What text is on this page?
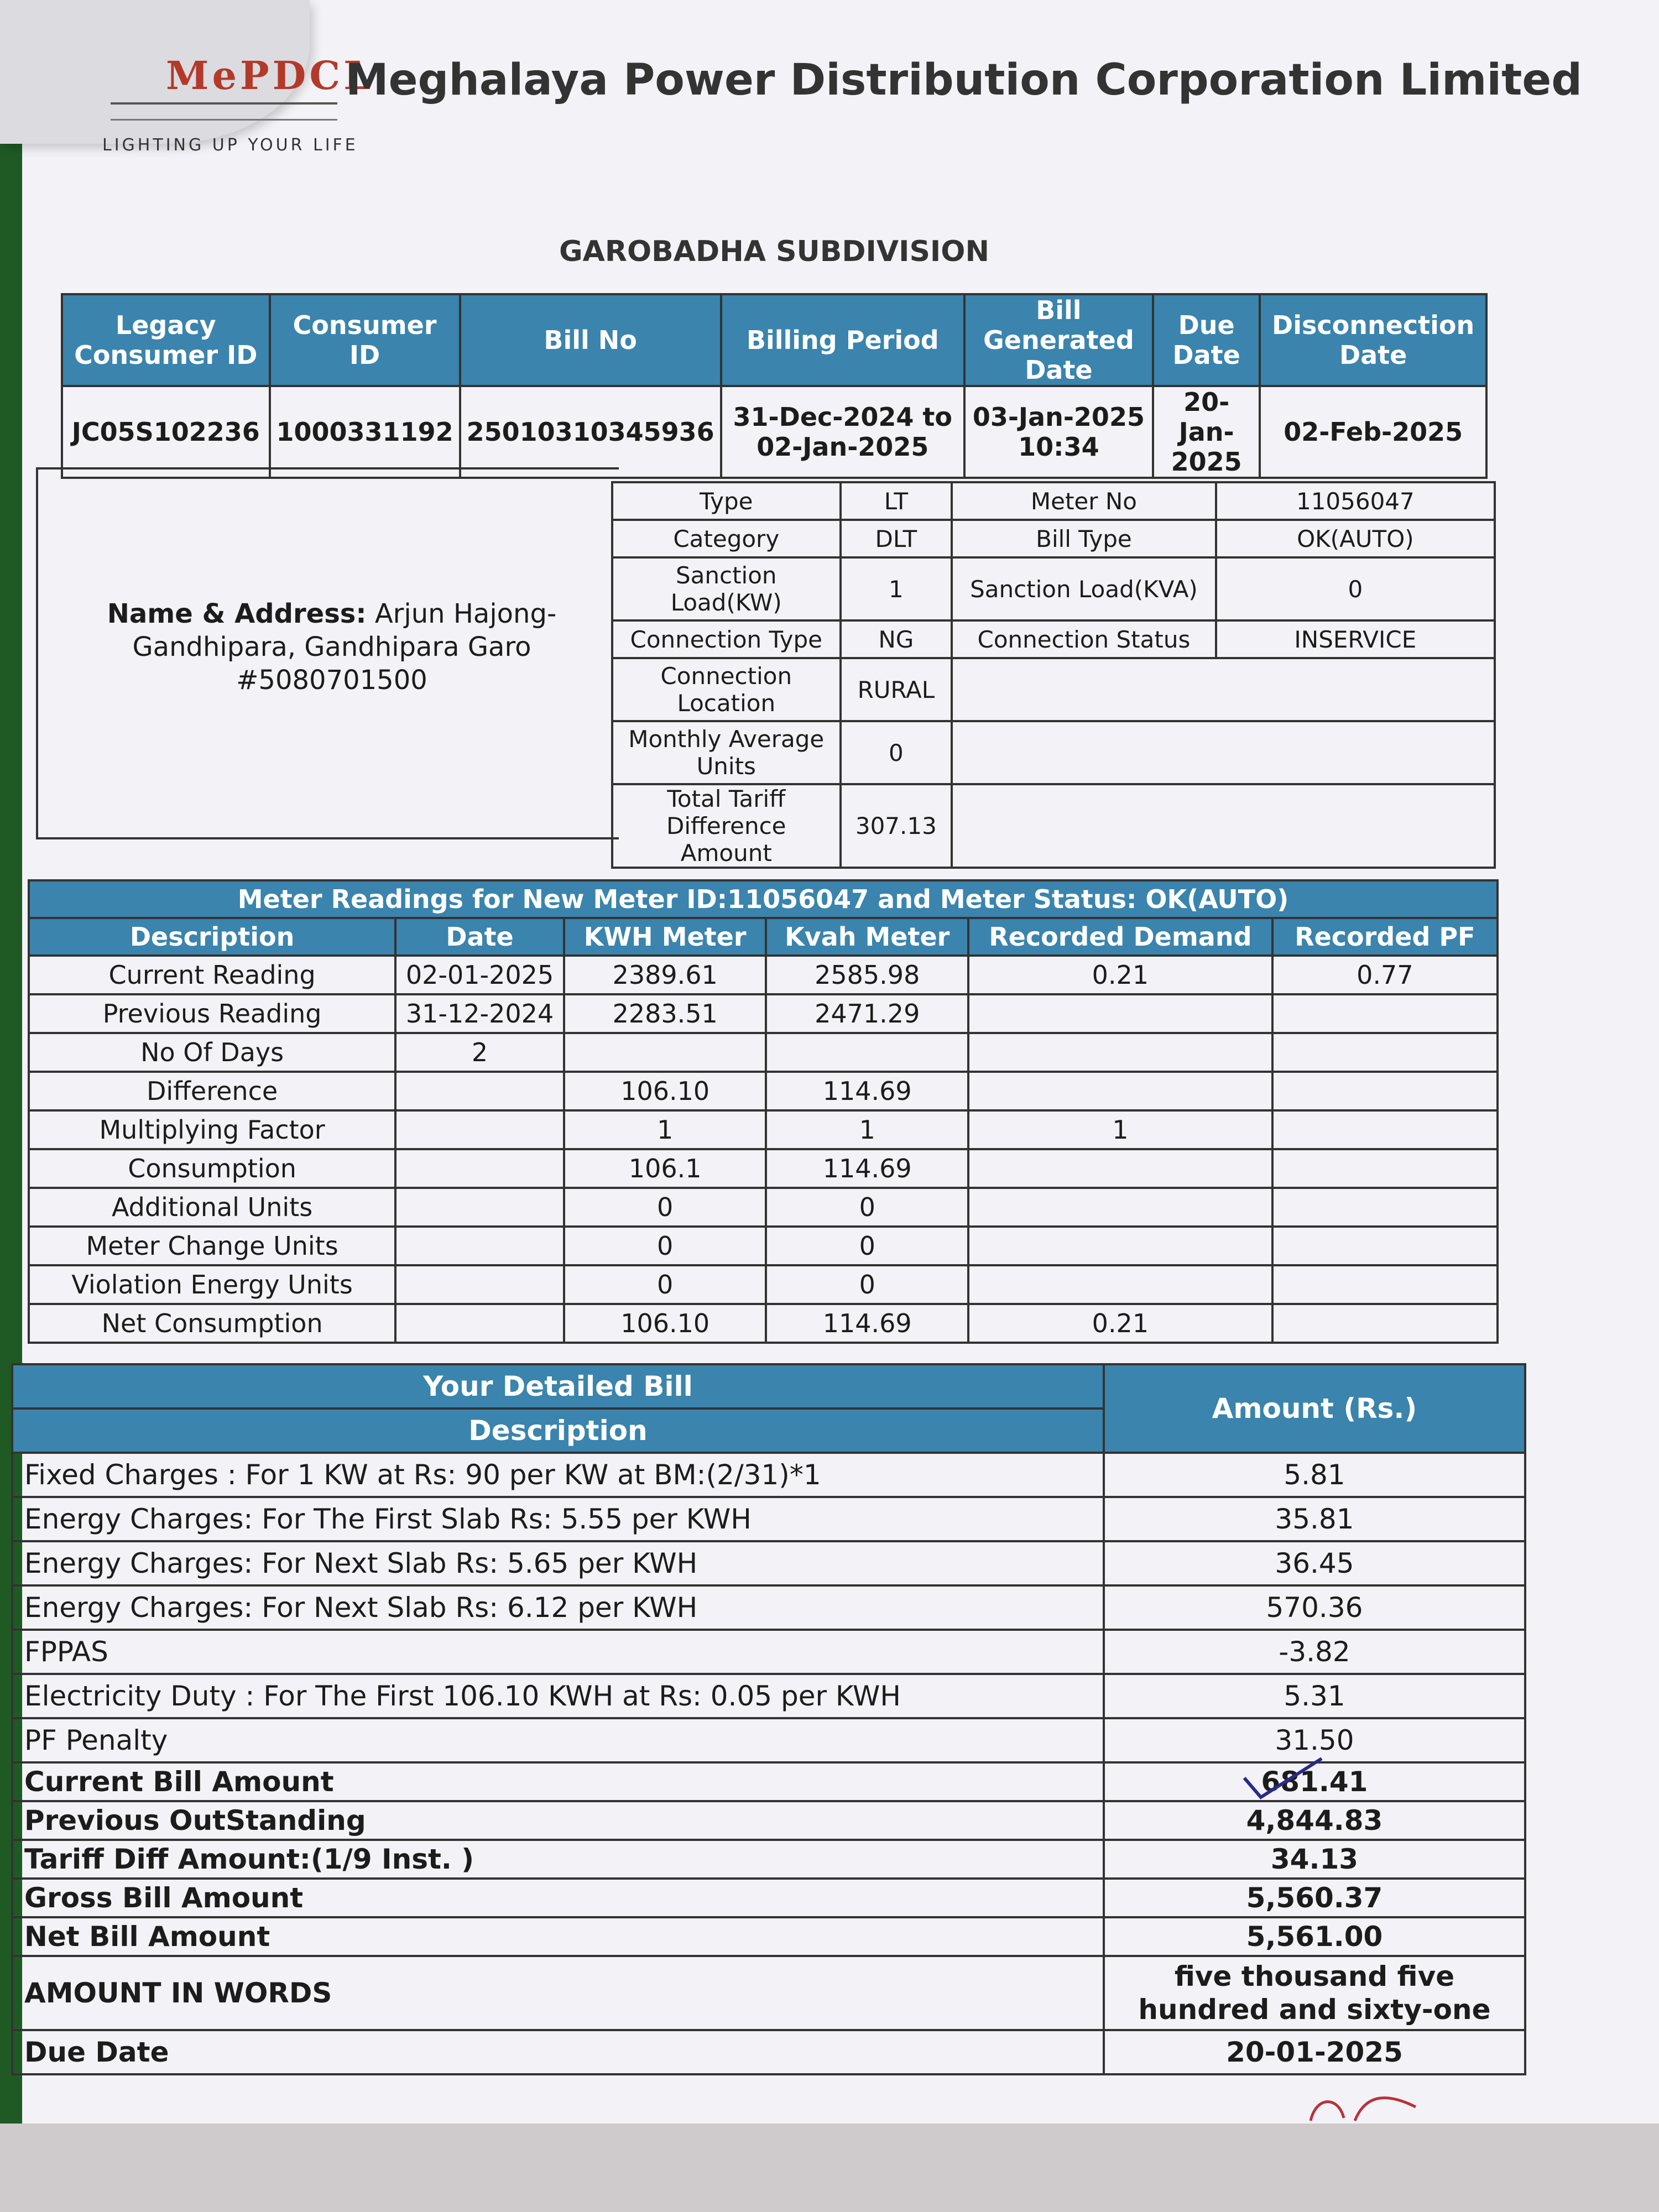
MePDCL
LIGHTING UP YOUR LIFE
Meghalaya Power Distribution Corporation Limited
GAROBADHA SUBDIVISION
Legacy Consumer ID	Consumer ID	Bill No	Billing Period	Bill Generated Date	Due Date	Disconnection Date
JC05S102236	1000331192	25010310345936	31-Dec-2024 to 02-Jan-2025	03-Jan-2025 10:34	20-Jan-2025	02-Feb-2025
Name & Address: Arjun Hajong-
Gandhipara, Gandhipara Garo
#5080701500
Type	LT	Meter No	11056047
Category	DLT	Bill Type	OK(AUTO)
Sanction Load(KW)	1	Sanction Load(KVA)	0
Connection Type	NG	Connection Status	INSERVICE
Connection Location	RURAL		
Monthly Average Units	0		
Total Tariff Difference Amount	307.13		
Meter Readings for New Meter ID:11056047 and Meter Status: OK(AUTO)					
Description	Date	KWH Meter	Kvah Meter	Recorded Demand	Recorded PF
Current Reading	02-01-2025	2389.61	2585.98	0.21	0.77
Previous Reading	31-12-2024	2283.51	2471.29		
No Of Days	2				
Difference		106.10	114.69		
Multiplying Factor		1	1	1	
Consumption		106.1	114.69		
Additional Units		0	0		
Meter Change Units		0	0		
Violation Energy Units		0	0		
Net Consumption		106.10	114.69	0.21	
Your Detailed Bill	Amount (Rs.)
Description	
Fixed Charges : For 1 KW at Rs: 90 per KW at BM:(2/31)*1	5.81
Energy Charges: For The First Slab Rs: 5.55 per KWH	35.81
Energy Charges: For Next Slab Rs: 5.65 per KWH	36.45
Energy Charges: For Next Slab Rs: 6.12 per KWH	570.36
FPPAS	-3.82
Electricity Duty : For The First 106.10 KWH at Rs: 0.05 per KWH	5.31
PF Penalty	31.50
Current Bill Amount	681.41
Previous OutStanding	4,844.83
Tariff Diff Amount:(1/9 Inst. )	34.13
Gross Bill Amount	5,560.37
Net Bill Amount	5,561.00
AMOUNT IN WORDS	five thousand five hundred and sixty-one
Due Date	20-01-2025
